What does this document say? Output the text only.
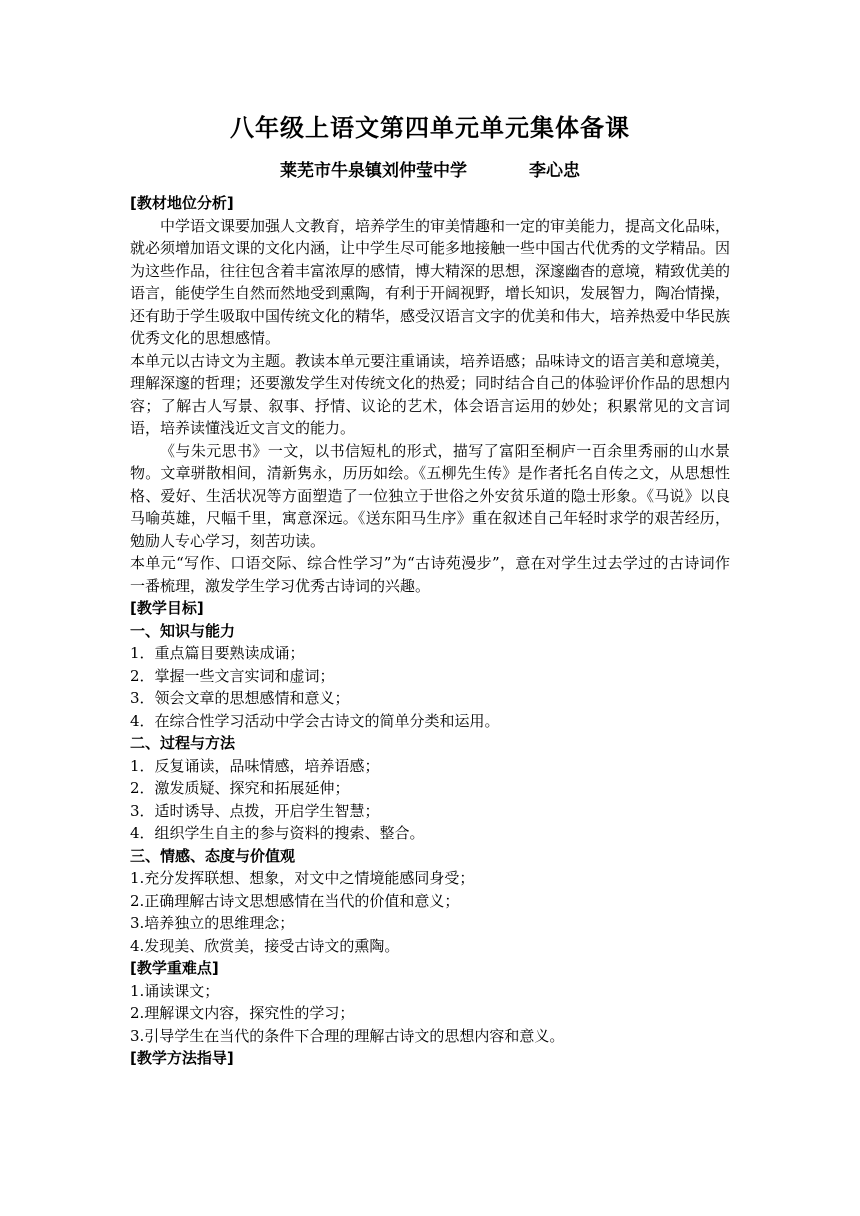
八年级上语文第四单元单元集体备课
莱芜市牛泉镇刘仲莹中学	李心忠

[教材地位分析]

中学语文课要加强人文教育，培养学生的审美情趣和一定的审美能力，提高文化品味，就必须增加语文课的文化内涵，让中学生尽可能多地接触一些中国古代优秀的文学精品。因为这些作品，往往包含着丰富浓厚的感情，博大精深的思想，深邃幽杳的意境，精致优美的语言，能使学生自然而然地受到熏陶，有利于开阔视野，增长知识，发展智力，陶冶情操，还有助于学生吸取中国传统文化的精华，感受汉语言文字的优美和伟大，培养热爱中华民族优秀文化的思想感情。

本单元以古诗文为主题。教读本单元要注重诵读，培养语感；品味诗文的语言美和意境美，理解深邃的哲理；还要激发学生对传统文化的热爱；同时结合自己的体验评价作品的思想内容；了解古人写景、叙事、抒情、议论的艺术，体会语言运用的妙处；积累常见的文言词语，培养读懂浅近文言文的能力。

《与朱元思书》一文，以书信短札的形式，描写了富阳至桐庐一百余里秀丽的山水景物。文章骈散相间，清新隽永，历历如绘。《五柳先生传》是作者托名自传之文，从思想性格、爱好、生活状况等方面塑造了一位独立于世俗之外安贫乐道的隐士形象。《马说》以良马喻英雄，尺幅千里，寓意深远。《送东阳马生序》重在叙述自己年轻时求学的艰苦经历，勉励人专心学习，刻苦功读。

本单元“写作、口语交际、综合性学习”为“古诗苑漫步”，意在对学生过去学过的古诗词作一番梳理，激发学生学习优秀古诗词的兴趣。

[教学目标]

一、知识与能力

1．重点篇目要熟读成诵；

2．掌握一些文言实词和虚词；

3．领会文章的思想感情和意义；

4．在综合性学习活动中学会古诗文的简单分类和运用。

二、过程与方法

1．反复诵读，品味情感，培养语感；

2．激发质疑、探究和拓展延伸；

3．适时诱导、点拨，开启学生智慧；

4．组织学生自主的参与资料的搜索、整合。

三、情感、态度与价值观

1.充分发挥联想、想象，对文中之情境能感同身受；

2.正确理解古诗文思想感情在当代的价值和意义；

3.培养独立的思维理念；

4.发现美、欣赏美，接受古诗文的熏陶。

[教学重难点]

1.诵读课文；

2.理解课文内容，探究性的学习；

3.引导学生在当代的条件下合理的理解古诗文的思想内容和意义。

[教学方法指导]
